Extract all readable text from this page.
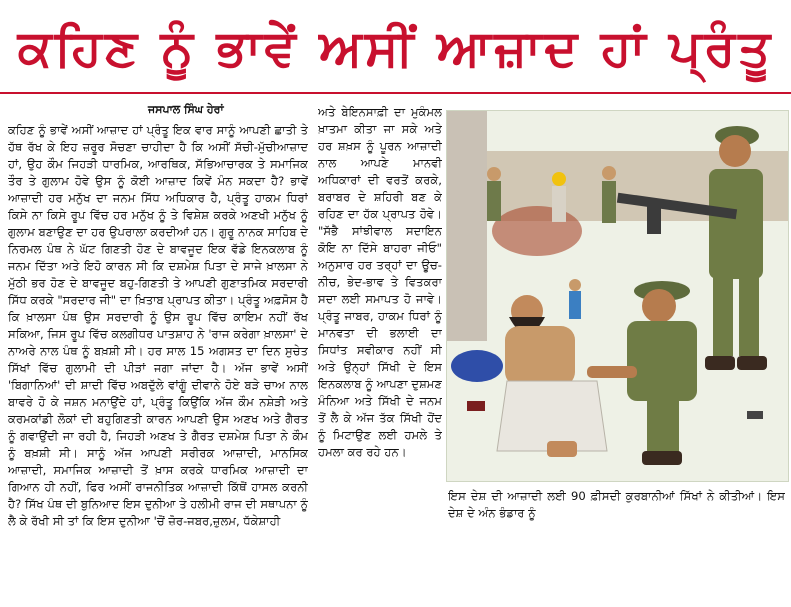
ਕਹਿਣ ਨੂੰ ਭਾਵੇਂ ਅਸੀਂ ਆਜ਼ਾਦ ਹਾਂ ਪ੍ਰੰਤੂ
ਜਸਪਾਲ ਸਿੰਘ ਹੇਰਾਂ

ਕਹਿਣ ਨੂੰ ਭਾਵੇਂ ਅਸੀਂ ਆਜ਼ਾਦ ਹਾਂ ਪ੍ਰੰਤੂ ਇਕ ਵਾਰ ਸਾਨੂੰ ਆਪਣੀ ਛਾਤੀ ਤੇ ਹੱਥ ਰੱਖ ਕੇ ਇਹ ਜ਼ਰੂਰ ਸੋਚਣਾ ਚਾਹੀਦਾ ਹੈ ਕਿ ਅਸੀਂ ਸੱਚੀ-ਮੁੱਚੀਆਜ਼ਾਦ ਹਾਂ, ਉਹ ਕੌਮ ਜਿਹੜੀ ਧਾਰਮਿਕ, ਆਰਥਿਕ, ਸੱਭਿਆਚਾਰਕ ਤੇ ਸਮਾਜਿਕ ਤੌਰ ਤੇ ਗੁਲਾਮ ਹੋਵੇ ਉਸ ਨੂੰ ਕੋਈ ਆਜ਼ਾਦ ਕਿਵੇਂ ਮੰਨ ਸਕਦਾ ਹੈ? ਭਾਵੇਂ ਆਜ਼ਾਦੀ ਹਰ ਮਨੁੱਖ ਦਾ ਜਨਮ ਸਿੱਧ ਅਧਿਕਾਰ ਹੈ, ਪ੍ਰੰਤੂ ਹਾਕਮ ਧਿਰਾਂ ਕਿਸੇ ਨਾ ਕਿਸੇ ਰੂਪ ਵਿੱਚ ਹਰ ਮਨੁੱਖ ਨੂੰ ਤੇ ਵਿਸ਼ੇਸ਼ ਕਰਕੇ ਅਣਖੀ ਮਨੁੱਖ ਨੂੰ ਗੁਲਾਮ ਬਣਾਉਣ ਦਾ ਹਰ ਉਪਰਾਲਾ ਕਰਦੀਆਂ ਹਨ। ਗੁਰੂ ਨਾਨਕ ਸਾਹਿਬ ਦੇ ਨਿਰਮਲ ਪੰਥ ਨੇ ਘੱਟ ਗਿਣਤੀ ਹੋਣ ਦੇ ਬਾਵਜੂਦ ਇਕ ਵੱਡੇ ਇਨਕਲਾਬ ਨੂੰ ਜਨਮ ਦਿੱਤਾ ਅਤੇ ਇਹੋ ਕਾਰਨ ਸੀ ਕਿ ਦਸ਼ਮੇਸ਼ ਪਿਤਾ ਦੇ ਸਾਜੇ ਖ਼ਾਲਸਾ ਨੇ ਮੁੱਠੀ ਭਰ ਹੋਣ ਦੇ ਬਾਵਜੂਦ ਬਹੁ-ਗਿਣਤੀ ਤੇ ਆਪਣੀ ਗੁਣਾਤਮਿਕ ਸਰਦਾਰੀ ਸਿੱਧ ਕਰਕੇ "ਸਰਦਾਰ ਜੀ" ਦਾ ਖ਼ਿਤਾਬ ਪ੍ਰਾਪਤ ਕੀਤਾ। ਪ੍ਰੰਤੂ ਅਫ਼ਸੋਸ ਹੈ ਕਿ ਖ਼ਾਲਸਾ ਪੰਥ ਉਸ ਸਰਦਾਰੀ ਨੂੰ ਉਸ ਰੂਪ ਵਿੱਚ ਕਾਇਮ ਨਹੀਂ ਰੱਖ ਸਕਿਆ, ਜਿਸ ਰੂਪ ਵਿੱਚ ਕਲਗੀਧਰ ਪਾਤਸ਼ਾਹ ਨੇ 'ਰਾਜ ਕਰੇਗਾ ਖ਼ਾਲਸਾ' ਦੇ ਨਾਅਰੇ ਨਾਲ ਪੰਥ ਨੂੰ ਬਖ਼ਸ਼ੀ ਸੀ। ਹਰ ਸਾਲ 15 ਅਗਸਤ ਦਾ ਦਿਨ ਸੁਚੇਤ ਸਿੱਖਾਂ ਵਿੱਚ ਗੁਲਾਮੀ ਦੀ ਪੀੜਾਂ ਜਗਾ ਜਾਂਦਾ ਹੈ। ਅੱਜ ਭਾਵੇਂ ਅਸੀਂ 'ਬਿਗਾਨਿਆਂ' ਦੀ ਸ਼ਾਦੀ ਵਿੱਚ ਅਬਦੁੱਲੇ ਵਾਂਗੂੰ ਦੀਵਾਨੇ ਹੋਏ ਬੜੇ ਚਾਅ ਨਾਲ ਬਾਵਰੇ ਹੋ ਕੇ ਜਸ਼ਨ ਮਨਾਉਂਦੇ ਹਾਂ, ਪ੍ਰੰਤੂ ਕਿਉਂਕਿ ਅੱਜ ਕੌਮ ਨਸ਼ੇੜੀ ਅਤੇ ਕਰਮਕਾਂਡੀ ਲੋਕਾਂ ਦੀ ਬਹੁਗਿਣਤੀ ਕਾਰਨ ਆਪਣੀ ਉਸ ਅਣਖ ਅਤੇ ਗੈਰਤ ਨੂੰ ਗਵਾਉਂਦੀ ਜਾ ਰਹੀ ਹੈ, ਜਿਹੜੀ ਅਣਖ ਤੇ ਗੈਰਤ ਦਸ਼ਮੇਸ਼ ਪਿਤਾ ਨੇ ਕੌਮ ਨੂੰ ਬਖ਼ਸ਼ੀ ਸੀ। ਸਾਨੂੰ ਅੱਜ ਆਪਣੀ ਸਰੀਰਕ ਆਜ਼ਾਦੀ, ਮਾਨਸਿਕ ਆਜ਼ਾਦੀ, ਸਮਾਜਿਕ ਆਜ਼ਾਦੀ ਤੋਂ ਖ਼ਾਸ ਕਰਕੇ ਧਾਰਮਿਕ ਆਜ਼ਾਦੀ ਦਾ ਗਿਆਨ ਹੀ ਨਹੀਂ, ਫਿਰ ਅਸੀਂ ਰਾਜਨੀਤਿਕ ਆਜ਼ਾਦੀ ਕਿੱਥੋਂ ਹਾਸਲ ਕਰਨੀ ਹੈ? ਸਿੱਖ ਪੰਥ ਦੀ ਬੁਨਿਆਦ ਇਸ ਦੁਨੀਆ ਤੇ ਹਲੀਮੀ ਰਾਜ ਦੀ ਸਥਾਪਨਾ ਨੂੰ ਲੈ ਕੇ ਰੱਖੀ ਸੀ ਤਾਂ ਕਿ ਇਸ ਦੁਨੀਆ 'ਚੋਂ ਜ਼ੋਰ-ਜਬਰ,ਜ਼ੁਲਮ, ਧੱਕੇਸ਼ਾਹੀ

ਅਤੇ ਬੇਇਨਸਾਫ਼ੀ ਦਾ ਮੁਕੰਮਲ ਖ਼ਾਤਮਾ ਕੀਤਾ ਜਾ ਸਕੇ ਅਤੇ ਹਰ ਸ਼ਖ਼ਸ ਨੂੰ ਪੂਰਨ ਆਜ਼ਾਦੀ ਨਾਲ ਆਪਣੇ ਮਾਨਵੀ ਅਧਿਕਾਰਾਂ ਦੀ ਵਰਤੋਂ ਕਰਕੇ, ਬਰਾਬਰ ਦੇ ਸ਼ਹਿਰੀ ਬਣ ਕੇ ਰਹਿਣ ਦਾ ਹੱਕ ਪ੍ਰਾਪਤ ਹੋਵੇ। "ਸੱਭੈ ਸਾਂਝੀਵਾਲ ਸਦਾਇਨ ਕੋਇ ਨਾ ਦਿੱਸੇ ਬਾਹਰਾ ਜੀਓ" ਅਨੁਸਾਰ ਹਰ ਤਰ੍ਹਾਂ ਦਾ ਊਚ-ਨੀਚ, ਭੇਦ-ਭਾਵ ਤੇ ਵਿਤਕਰਾ ਸਦਾ ਲਈ ਸਮਾਪਤ ਹੋ ਜਾਵੇ। ਪ੍ਰੰਤੂ ਜਾਬਰ, ਹਾਕਮ ਧਿਰਾਂ ਨੂੰ ਮਾਨਵਤਾ ਦੀ ਭਲਾਈ ਦਾ ਸਿਧਾਂਤ ਸਵੀਕਾਰ ਨਹੀਂ ਸੀ ਅਤੇ ਉਨ੍ਹਾਂ ਸਿੱਖੀ ਦੇ ਇਸ ਇਨਕਲਾਬ ਨੂੰ ਆਪਣਾ ਦੁਸ਼ਮਣ ਮੰਨਿਆ ਅਤੇ ਸਿੱਖੀ ਦੇ ਜਨਮ ਤੋਂ ਲੈ ਕੇ ਅੱਜ ਤੱਕ ਸਿੱਖੀ ਹੋਂਦ ਨੂੰ ਮਿਟਾਉਣ ਲਈ ਹਮਲੇ ਤੇ ਹਮਲਾ ਕਰ ਰਹੇ ਹਨ।

ਇਸ ਦੇਸ਼ ਦੀ ਆਜ਼ਾਦੀ ਲਈ 90 ਫ਼ੀਸਦੀ ਕੁਰਬਾਨੀਆਂ ਸਿੱਖਾਂ ਨੇ ਕੀਤੀਆਂ। ਇਸ ਦੇਸ਼ ਦੇ ਅੰਨ ਭੰਡਾਰ ਨੂੰ
